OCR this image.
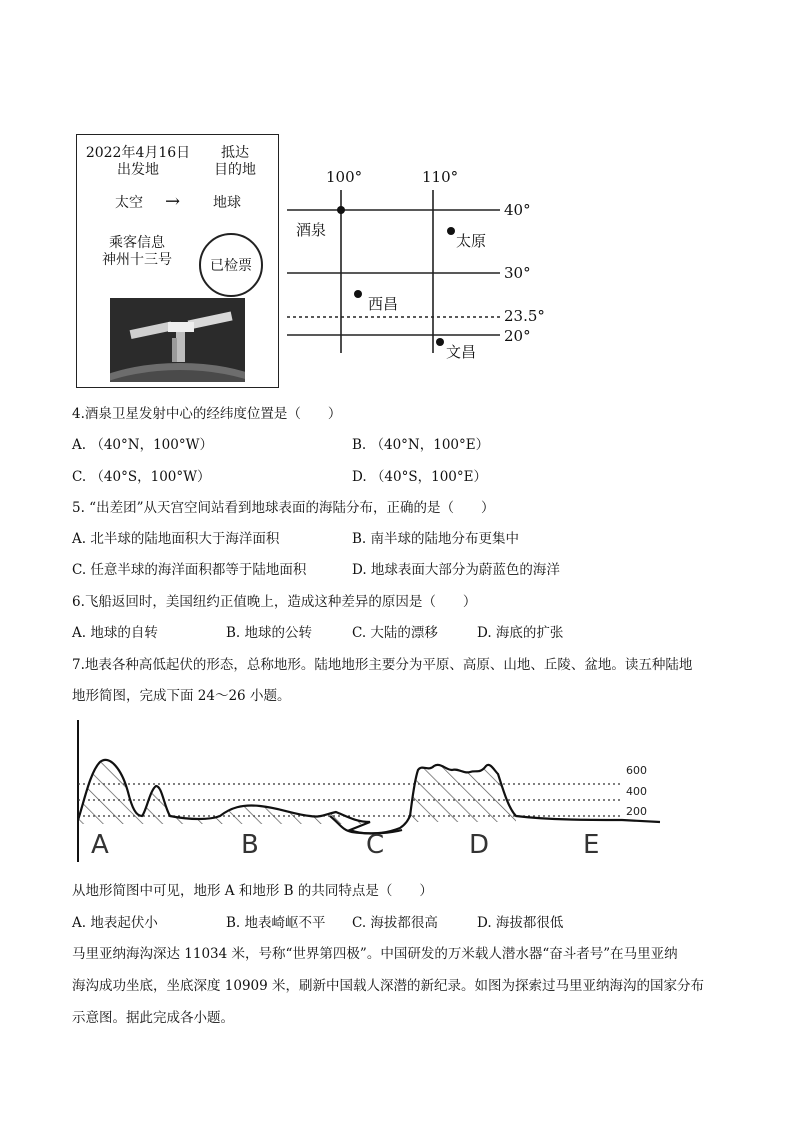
2022年4月16日
出发地
抵达
目的地
太空 → 地球
乘客信息
神州十三号	已检票
100°	110°
40°
30°
23.5°
20°
酒泉
太原
西昌
文昌
4.酒泉卫星发射中心的经纬度位置是（　　）
A. （40°N，100°W）	B. （40°N，100°E）
C. （40°S，100°W）	D. （40°S，100°E）
5. “出差团”从天宫空间站看到地球表面的海陆分布，正确的是（　　）
A. 北半球的陆地面积大于海洋面积	B. 南半球的陆地分布更集中
C. 任意半球的海洋面积都等于陆地面积	D. 地球表面大部分为蔚蓝色的海洋
6.飞船返回时，美国纽约正值晚上，造成这种差异的原因是（　　）
A. 地球的自转	B. 地球的公转	C. 大陆的漂移	D. 海底的扩张
7.地表各种高低起伏的形态，总称地形。陆地地形主要分为平原、高原、山地、丘陵、盆地。读五种陆地
地形简图，完成下面 24～26 小题。
600
400
200
A	B	C	D	E
从地形简图中可见，地形 A 和地形 B 的共同特点是（　　）
A. 地表起伏小	B. 地表崎岖不平 C. 海拔都很高	D. 海拔都很低
马里亚纳海沟深达 11034 米，号称“世界第四极”。中国研发的万米载人潜水器“奋斗者号”在马里亚纳
海沟成功坐底，坐底深度 10909 米，刷新中国载人深潜的新纪录。如图为探索过马里亚纳海沟的国家分布
示意图。据此完成各小题。
